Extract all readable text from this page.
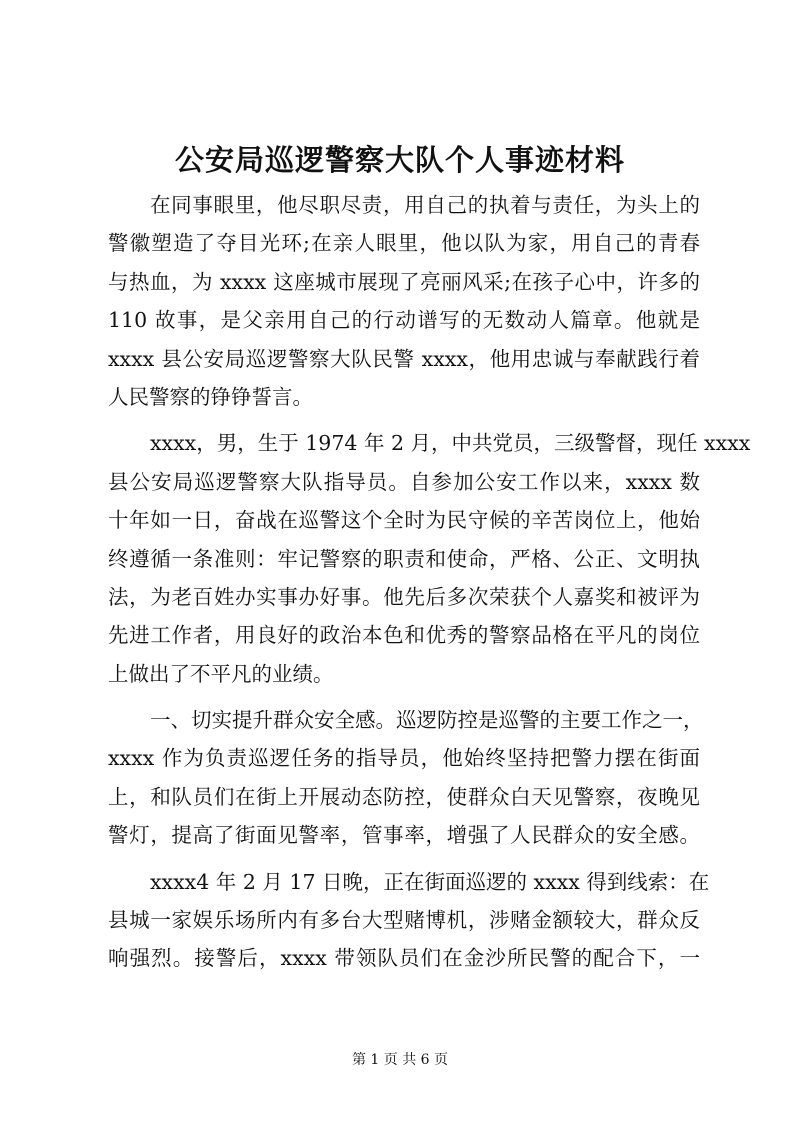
公安局巡逻警察大队个人事迹材料
在同事眼里，他尽职尽责，用自己的执着与责任，为头上的
警徽塑造了夺目光环;在亲人眼里，他以队为家，用自己的青春
与热血，为 xxxx 这座城市展现了亮丽风采;在孩子心中，许多的
110 故事，是父亲用自己的行动谱写的无数动人篇章。他就是
xxxx 县公安局巡逻警察大队民警 xxxx，他用忠诚与奉献践行着
人民警察的铮铮誓言。
xxxx，男，生于 1974 年 2 月，中共党员，三级警督，现任 xxxx
县公安局巡逻警察大队指导员。自参加公安工作以来，xxxx 数
十年如一日，奋战在巡警这个全时为民守候的辛苦岗位上，他始
终遵循一条准则：牢记警察的职责和使命，严格、公正、文明执
法，为老百姓办实事办好事。他先后多次荣获个人嘉奖和被评为
先进工作者，用良好的政治本色和优秀的警察品格在平凡的岗位
上做出了不平凡的业绩。
一、切实提升群众安全感。巡逻防控是巡警的主要工作之一，
xxxx 作为负责巡逻任务的指导员，他始终坚持把警力摆在街面
上，和队员们在街上开展动态防控，使群众白天见警察，夜晚见
警灯，提高了街面见警率，管事率，增强了人民群众的安全感。
xxxx4 年 2 月 17 日晚，正在街面巡逻的 xxxx 得到线索：在
县城一家娱乐场所内有多台大型赌博机，涉赌金额较大，群众反
响强烈。接警后，xxxx 带领队员们在金沙所民警的配合下，一
第 1 页 共 6 页
